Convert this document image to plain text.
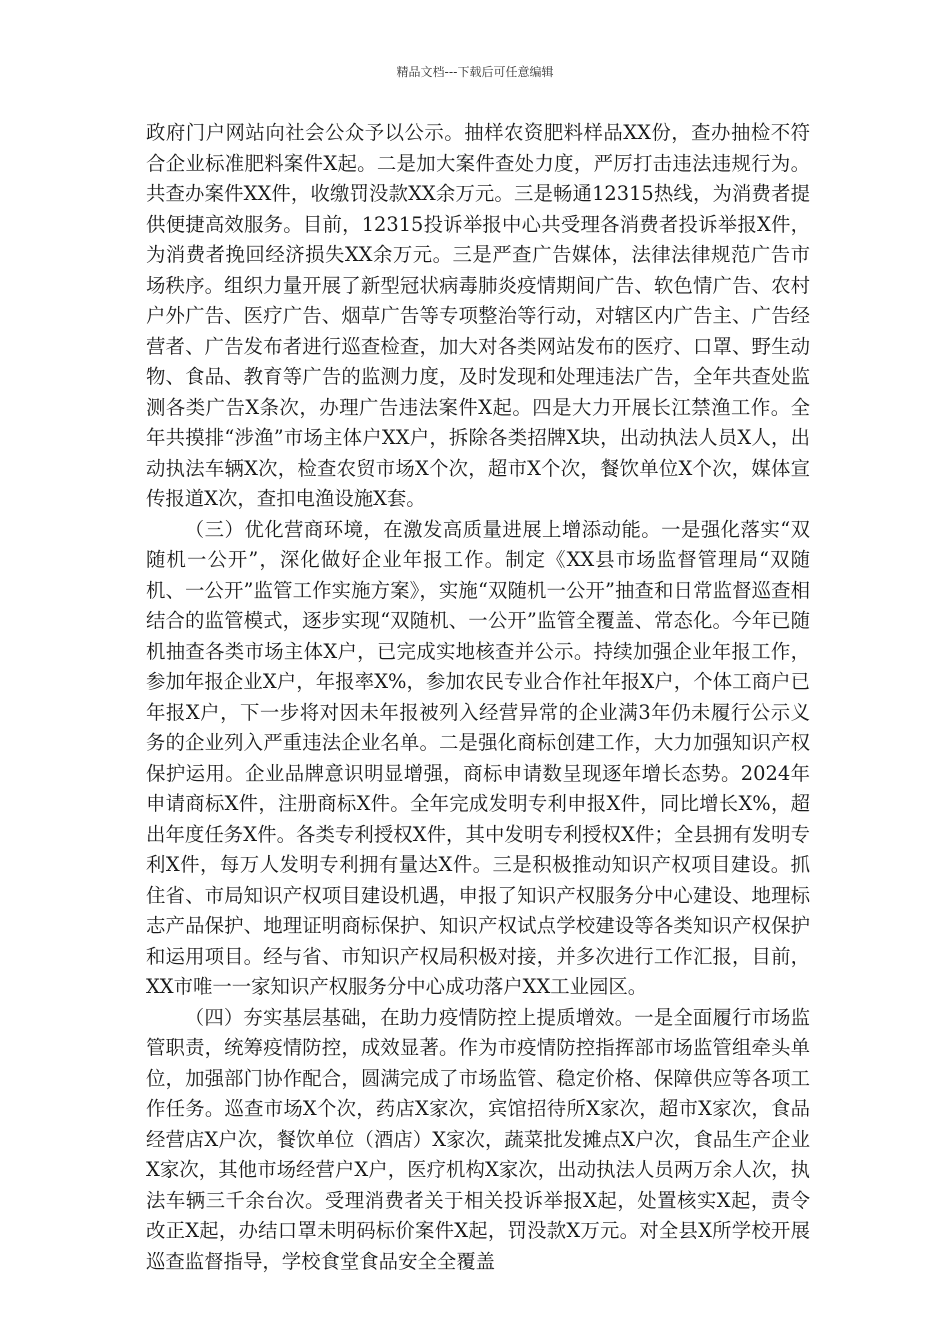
精品文档---下载后可任意编辑

政府门户网站向社会公众予以公示。抽样农资肥料样品XX份，查办抽检不符合企业标准肥料案件X起。二是加大案件查处力度，严厉打击违法违规行为。共查办案件XX件，收缴罚没款XX余万元。三是畅通12315热线，为消费者提供便捷高效服务。目前，12315投诉举报中心共受理各消费者投诉举报X件，为消费者挽回经济损失XX余万元。三是严查广告媒体，法律法律规范广告市场秩序。组织力量开展了新型冠状病毒肺炎疫情期间广告、软色情广告、农村户外广告、医疗广告、烟草广告等专项整治等行动，对辖区内广告主、广告经营者、广告发布者进行巡查检查，加大对各类网站发布的医疗、口罩、野生动物、食品、教育等广告的监测力度，及时发现和处理违法广告，全年共查处监测各类广告X条次，办理广告违法案件X起。四是大力开展长江禁渔工作。全年共摸排“涉渔”市场主体户XX户，拆除各类招牌X块，出动执法人员X人，出动执法车辆X次，检查农贸市场X个次，超市X个次，餐饮单位X个次，媒体宣传报道X次，查扣电渔设施X套。

（三）优化营商环境，在激发高质量进展上增添动能。一是强化落实“双随机一公开”，深化做好企业年报工作。制定《XX县市场监督管理局“双随机、一公开”监管工作实施方案》，实施“双随机一公开”抽查和日常监督巡查相结合的监管模式，逐步实现“双随机、一公开”监管全覆盖、常态化。今年已随机抽查各类市场主体X户，已完成实地核查并公示。持续加强企业年报工作，参加年报企业X户，年报率X%，参加农民专业合作社年报X户，个体工商户已年报X户，下一步将对因未年报被列入经营异常的企业满3年仍未履行公示义务的企业列入严重违法企业名单。二是强化商标创建工作，大力加强知识产权保护运用。企业品牌意识明显增强，商标申请数呈现逐年增长态势。2024年申请商标X件，注册商标X件。全年完成发明专利申报X件，同比增长X%，超出年度任务X件。各类专利授权X件，其中发明专利授权X件；全县拥有发明专利X件，每万人发明专利拥有量达X件。三是积极推动知识产权项目建设。抓住省、市局知识产权项目建设机遇，申报了知识产权服务分中心建设、地理标志产品保护、地理证明商标保护、知识产权试点学校建设等各类知识产权保护和运用项目。经与省、市知识产权局积极对接，并多次进行工作汇报，目前，XX市唯一一家知识产权服务分中心成功落户XX工业园区。

（四）夯实基层基础，在助力疫情防控上提质增效。一是全面履行市场监管职责，统筹疫情防控，成效显著。作为市疫情防控指挥部市场监管组牵头单位，加强部门协作配合，圆满完成了市场监管、稳定价格、保障供应等各项工作任务。巡查市场X个次，药店X家次，宾馆招待所X家次，超市X家次，食品经营店X户次，餐饮单位（酒店）X家次，蔬菜批发摊点X户次，食品生产企业X家次，其他市场经营户X户，医疗机构X家次，出动执法人员两万余人次，执法车辆三千余台次。受理消费者关于相关投诉举报X起，处置核实X起，责令改正X起，办结口罩未明码标价案件X起，罚没款X万元。对全县X所学校开展巡查监督指导，学校食堂食品安全全覆盖
